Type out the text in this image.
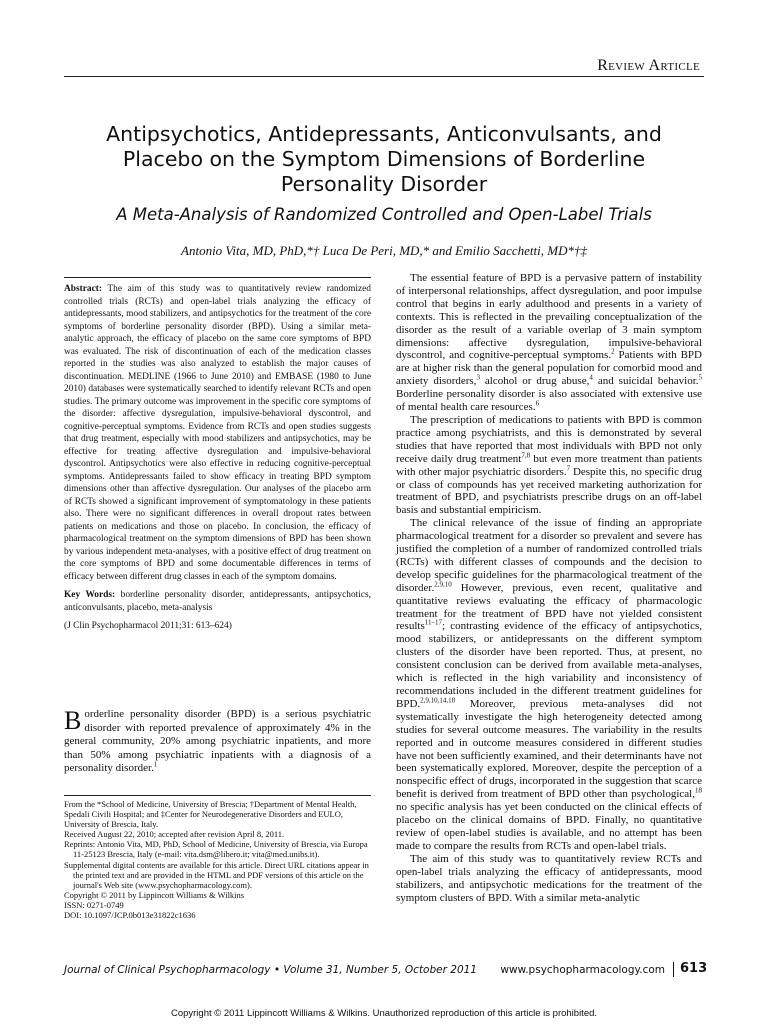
Review Article
Antipsychotics, Antidepressants, Anticonvulsants, and Placebo on the Symptom Dimensions of Borderline Personality Disorder
A Meta-Analysis of Randomized Controlled and Open-Label Trials
Antonio Vita, MD, PhD,*† Luca De Peri, MD,* and Emilio Sacchetti, MD*†‡

Abstract: The aim of this study was to quantitatively review randomized controlled trials (RCTs) and open-label trials analyzing the efficacy of antidepressants, mood stabilizers, and antipsychotics for the treatment of the core symptoms of borderline personality disorder (BPD). Using a similar meta-analytic approach, the efficacy of placebo on the same core symptoms of BPD was evaluated. The risk of discontinuation of each of the medication classes reported in the studies was also analyzed to establish the major causes of discontinuation. MEDLINE (1966 to June 2010) and EMBASE (1980 to June 2010) databases were systematically searched to identify relevant RCTs and open studies. The primary outcome was improvement in the specific core symptoms of the disorder: affective dysregulation, impulsive-behavioral dyscontrol, and cognitive-perceptual symptoms. Evidence from RCTs and open studies suggests that drug treatment, especially with mood stabilizers and antipsychotics, may be effective for treating affective dysregulation and impulsive-behavioral dyscontrol. Antipsychotics were also effective in reducing cognitive-perceptual symptoms. Antidepressants failed to show efficacy in treating BPD symptom dimensions other than affective dysregulation. Our analyses of the placebo arm of RCTs showed a significant improvement of symptomatology in these patients also. There were no significant differences in overall dropout rates between patients on medications and those on placebo. In conclusion, the efficacy of pharmacological treatment on the symptom dimensions of BPD has been shown by various independent meta-analyses, with a positive effect of drug treatment on the core symptoms of BPD and some documentable differences in terms of efficacy between different drug classes in each of the symptom domains.

Key Words: borderline personality disorder, antidepressants, antipsychotics, anticonvulsants, placebo, meta-analysis

(J Clin Psychopharmacol 2011;31: 613–624)

Borderline personality disorder (BPD) is a serious psychiatric disorder with reported prevalence of approximately 4% in the general community, 20% among psychiatric inpatients, and more than 50% among psychiatric inpatients with a diagnosis of a personality disorder.$^1$

From the *School of Medicine, University of Brescia; †Department of Mental Health, Spedali Civili Hospital; and ‡Center for Neurodegenerative Disorders and EULO, University of Brescia, Italy.

Received August 22, 2010; accepted after revision April 8, 2011.

Reprints: Antonio Vita, MD, PhD, School of Medicine, University of Brescia, via Europa 11-25123 Brescia, Italy (e-mail: vita.dsm@libero.it; vita@med.unibs.it).

Supplemental digital contents are available for this article. Direct URL citations appear in the printed text and are provided in the HTML and PDF versions of this article on the journal's Web site (www.psychopharmacology.com).

Copyright © 2011 by Lippincott Williams & Wilkins

ISSN: 0271-0749

DOI: 10.1097/JCP.0b013e31822c1636

The essential feature of BPD is a pervasive pattern of instability of interpersonal relationships, affect dysregulation, and poor impulse control that begins in early adulthood and presents in a variety of contexts. This is reflected in the prevailing conceptualization of the disorder as the result of a variable overlap of 3 main symptom dimensions: affective dysregulation, impulsive-behavioral dyscontrol, and cognitive-perceptual symptoms.$^2$ Patients with BPD are at higher risk than the general population for comorbid mood and anxiety disorders,$^3$ alcohol or drug abuse,$^4$ and suicidal behavior.$^5$ Borderline personality disorder is also associated with extensive use of mental health care resources.$^6$

The prescription of medications to patients with BPD is common practice among psychiatrists, and this is demonstrated by several studies that have reported that most individuals with BPD not only receive daily drug treatment$^{7,8}$ but even more treatment than patients with other major psychiatric disorders.$^7$ Despite this, no specific drug or class of compounds has yet received marketing authorization for treatment of BPD, and psychiatrists prescribe drugs on an off-label basis and substantial empiricism.

The clinical relevance of the issue of finding an appropriate pharmacological treatment for a disorder so prevalent and severe has justified the completion of a number of randomized controlled trials (RCTs) with different classes of compounds and the decision to develop specific guidelines for the pharmacological treatment of the disorder.$^{2,9,10}$ However, previous, even recent, qualitative and quantitative reviews evaluating the efficacy of pharmacologic treatment for the treatment of BPD have not yielded consistent results$^{11-17}$; contrasting evidence of the efficacy of antipsychotics, mood stabilizers, or antidepressants on the different symptom clusters of the disorder have been reported. Thus, at present, no consistent conclusion can be derived from available meta-analyses, which is reflected in the high variability and inconsistency of recommendations included in the different treatment guidelines for BPD.$^{2,9,10,14,18}$ Moreover, previous meta-analyses did not systematically investigate the high heterogeneity detected among studies for several outcome measures. The variability in the results reported and in outcome measures considered in different studies have not been sufficiently examined, and their determinants have not been systematically explored. Moreover, despite the perception of a nonspecific effect of drugs, incorporated in the suggestion that scarce benefit is derived from treatment of BPD other than psychological,$^{18}$ no specific analysis has yet been conducted on the clinical effects of placebo on the clinical domains of BPD. Finally, no quantitative review of open-label studies is available, and no attempt has been made to compare the results from RCTs and open-label trials.

The aim of this study was to quantitatively review RCTs and open-label trials analyzing the efficacy of antidepressants, mood stabilizers, and antipsychotic medications for the treatment of the symptom clusters of BPD. With a similar meta-analytic

Journal of Clinical Psychopharmacology • Volume 31, Number 5, October 2011	www.psychopharmacology.com 613
Copyright © 2011 Lippincott Williams & Wilkins. Unauthorized reproduction of this article is prohibited.
